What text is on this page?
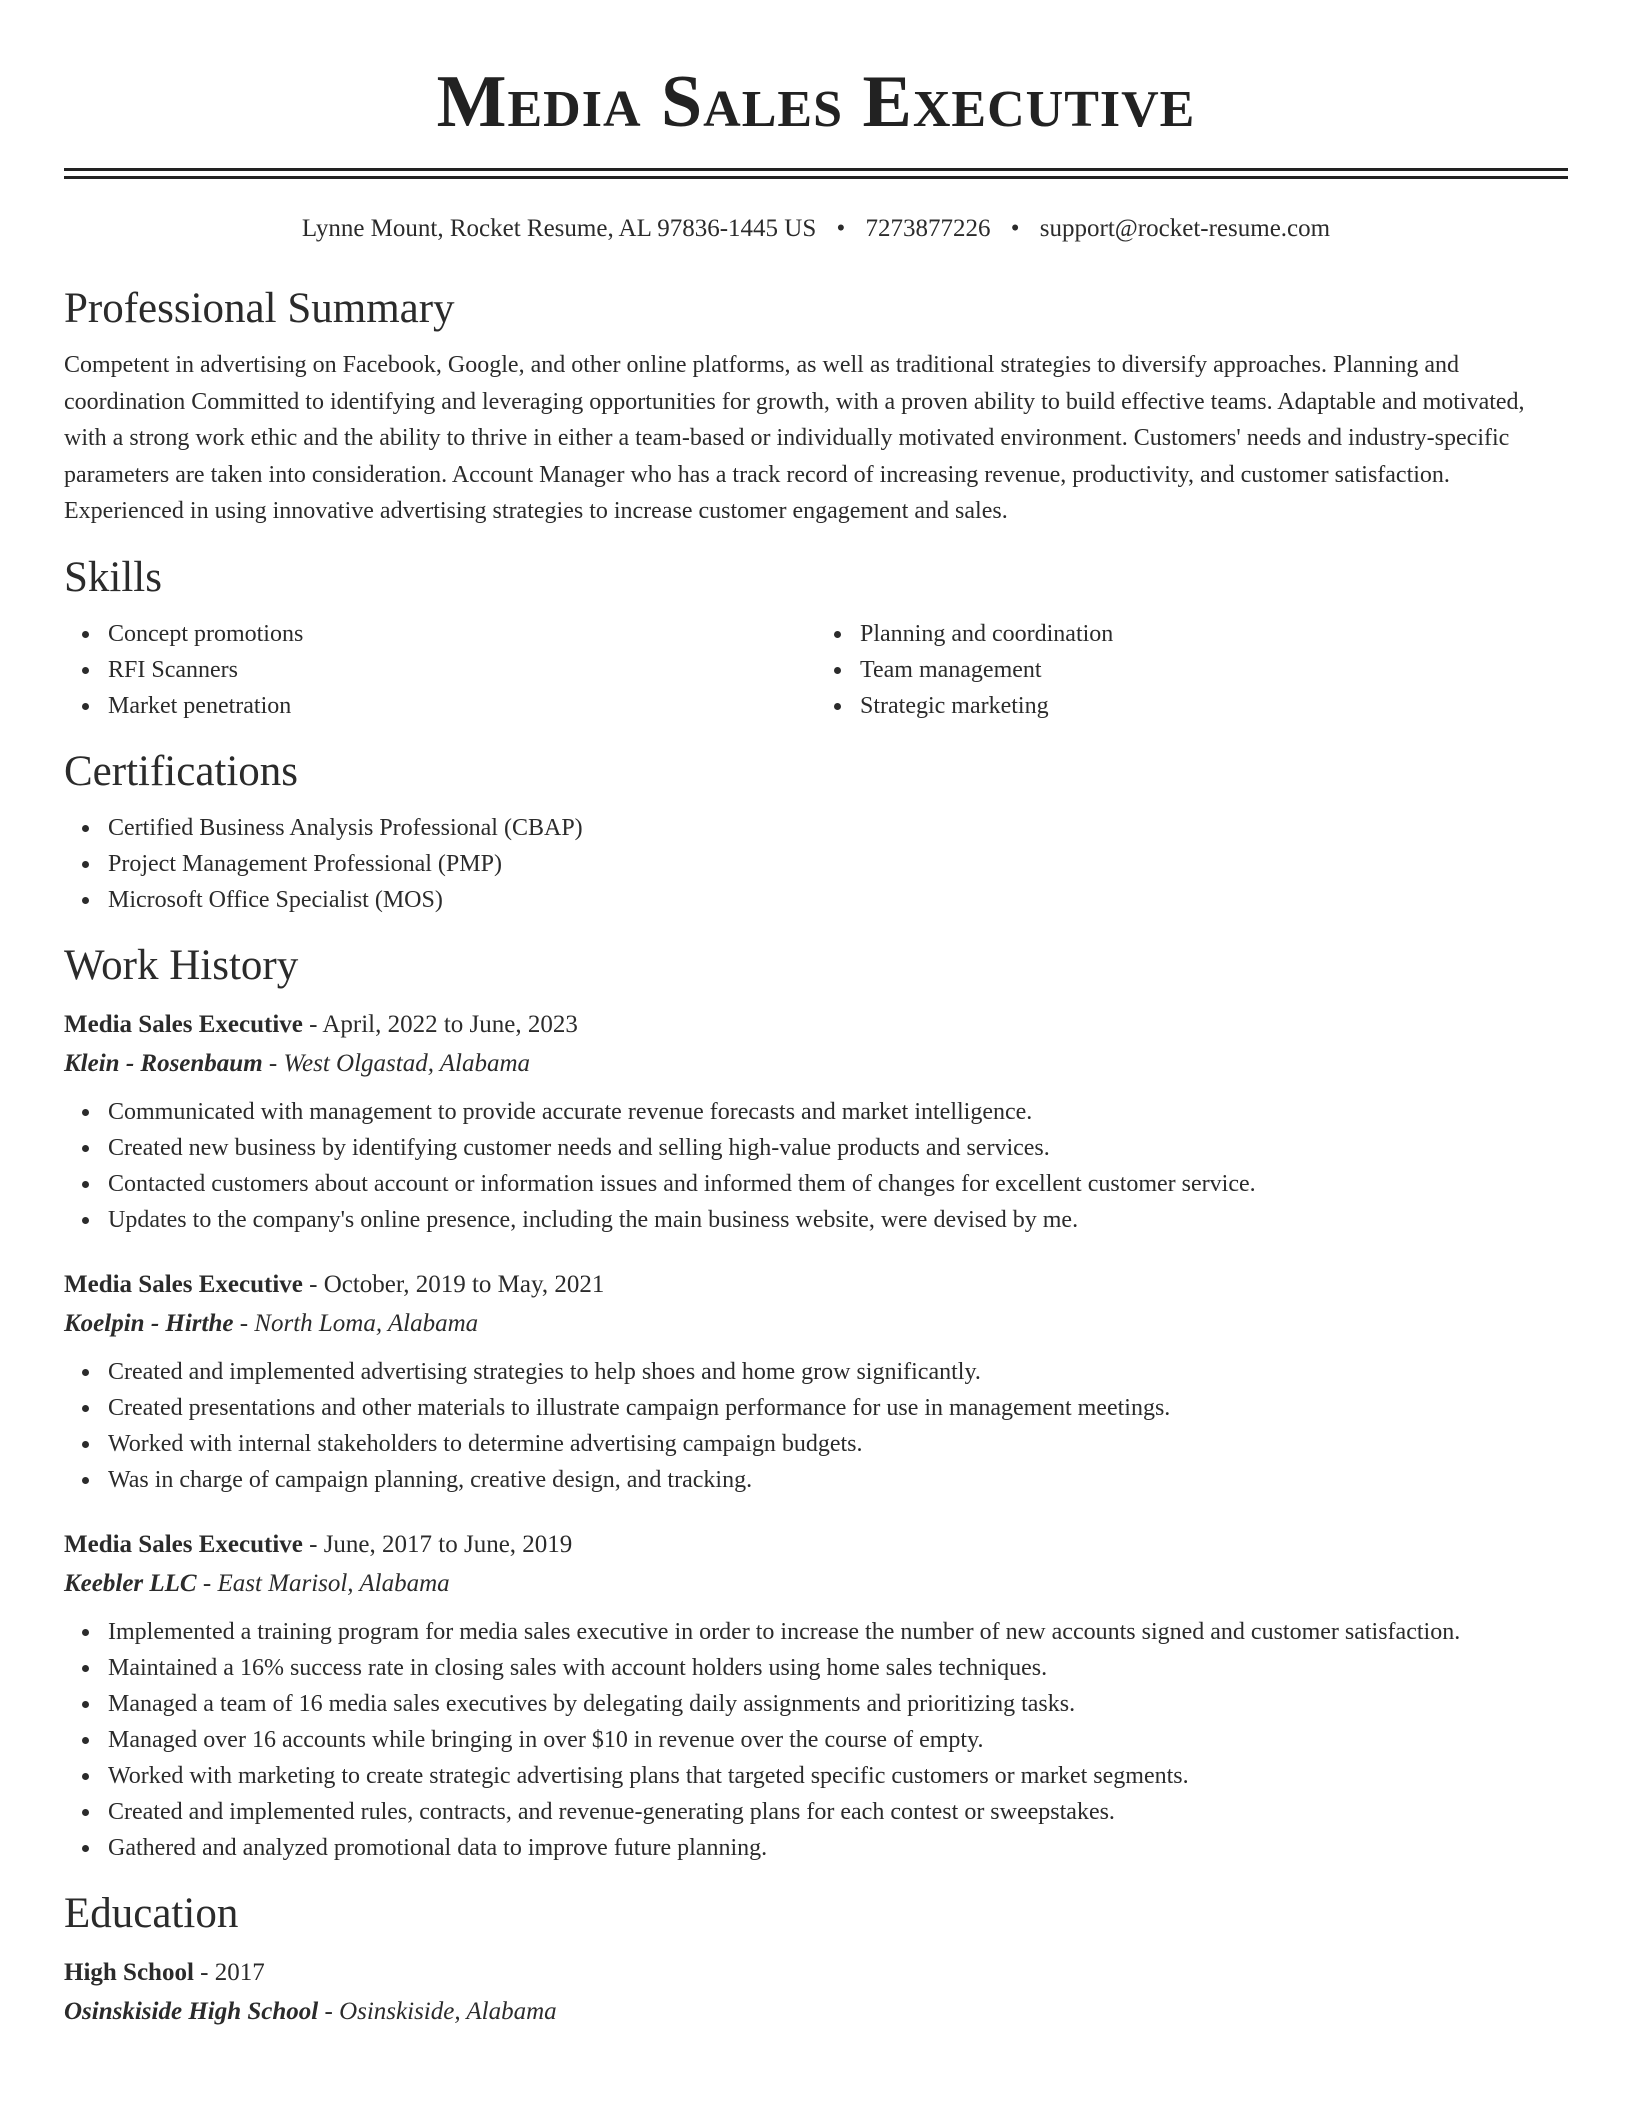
Media Sales Executive
Lynne Mount, Rocket Resume, AL 97836-1445 US • 7273877226 • support@rocket-resume.com
Professional Summary
Competent in advertising on Facebook, Google, and other online platforms, as well as traditional strategies to diversify approaches. Planning and coordination Committed to identifying and leveraging opportunities for growth, with a proven ability to build effective teams. Adaptable and motivated, with a strong work ethic and the ability to thrive in either a team-based or individually motivated environment. Customers' needs and industry-specific parameters are taken into consideration. Account Manager who has a track record of increasing revenue, productivity, and customer satisfaction. Experienced in using innovative advertising strategies to increase customer engagement and sales.
Skills
Concept promotions
RFI Scanners
Market penetration
Planning and coordination
Team management
Strategic marketing
Certifications
Certified Business Analysis Professional (CBAP)
Project Management Professional (PMP)
Microsoft Office Specialist (MOS)
Work History
Media Sales Executive - April, 2022 to June, 2023
Klein - Rosenbaum - West Olgastad, Alabama
Communicated with management to provide accurate revenue forecasts and market intelligence.
Created new business by identifying customer needs and selling high-value products and services.
Contacted customers about account or information issues and informed them of changes for excellent customer service.
Updates to the company's online presence, including the main business website, were devised by me.
Media Sales Executive - October, 2019 to May, 2021
Koelpin - Hirthe - North Loma, Alabama
Created and implemented advertising strategies to help shoes and home grow significantly.
Created presentations and other materials to illustrate campaign performance for use in management meetings.
Worked with internal stakeholders to determine advertising campaign budgets.
Was in charge of campaign planning, creative design, and tracking.
Media Sales Executive - June, 2017 to June, 2019
Keebler LLC - East Marisol, Alabama
Implemented a training program for media sales executive in order to increase the number of new accounts signed and customer satisfaction.
Maintained a 16% success rate in closing sales with account holders using home sales techniques.
Managed a team of 16 media sales executives by delegating daily assignments and prioritizing tasks.
Managed over 16 accounts while bringing in over $10 in revenue over the course of empty.
Worked with marketing to create strategic advertising plans that targeted specific customers or market segments.
Created and implemented rules, contracts, and revenue-generating plans for each contest or sweepstakes.
Gathered and analyzed promotional data to improve future planning.
Education
High School - 2017
Osinskiside High School - Osinskiside, Alabama
